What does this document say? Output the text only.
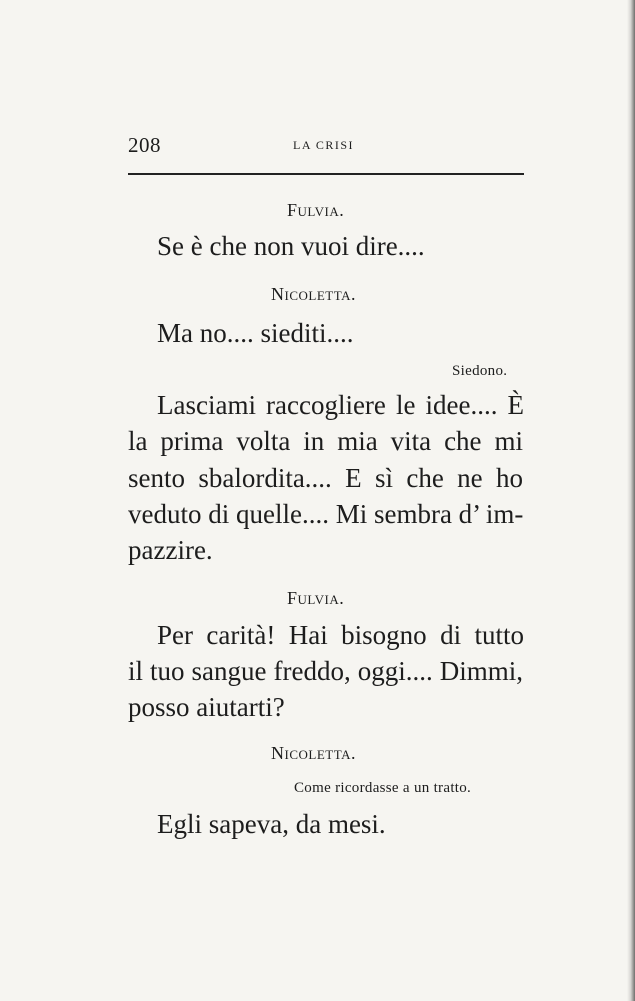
208	LA CRISI
Fulvia.
Se è che non vuoi dire....
Nicoletta.
Ma no.... siediti....
Siedono.
Lasciami raccogliere le idee.... È
la prima volta in mia vita che mi
sento sbalordita.... E sì che ne ho
veduto di quelle.... Mi sembra d’ im-
pazzire.
Fulvia.
Per carità! Hai bisogno di tutto
il tuo sangue freddo, oggi.... Dimmi,
posso aiutarti?
Nicoletta.
Come ricordasse a un tratto.
Egli sapeva, da mesi.
